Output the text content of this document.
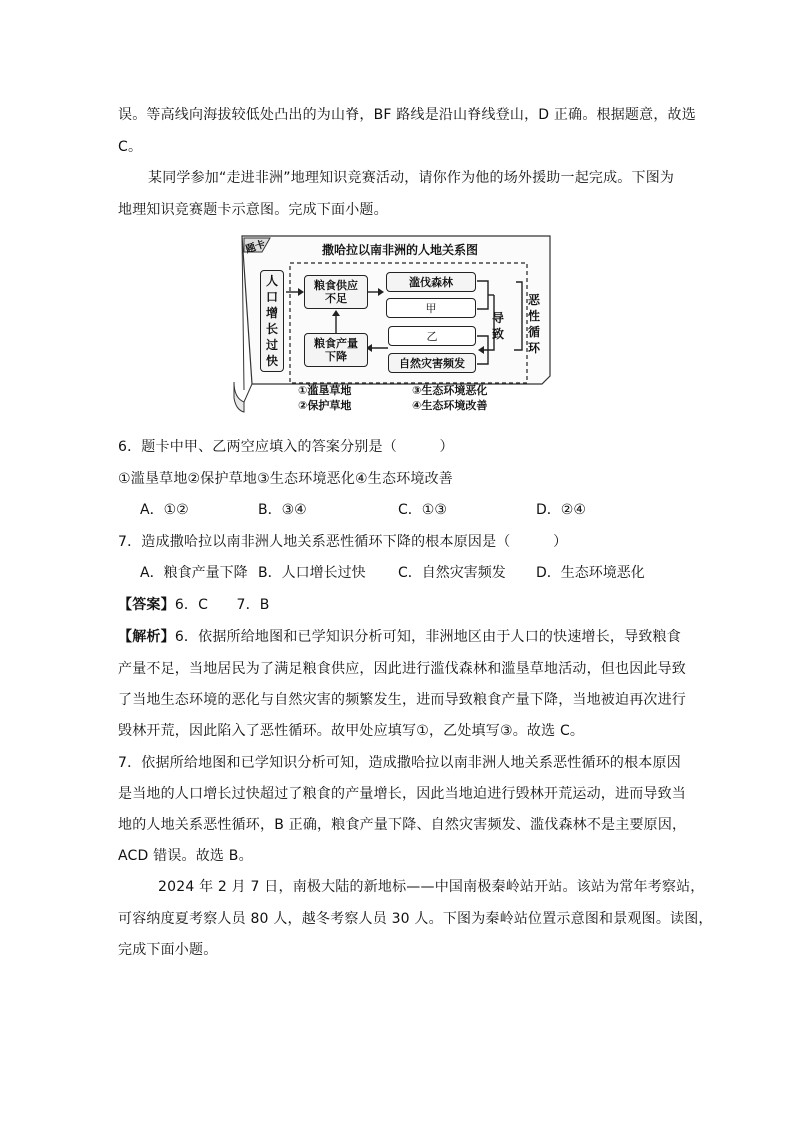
误。等高线向海拔较低处凸出的为山脊，BF 路线是沿山脊线登山，D 正确。根据题意，故选
C。
某同学参加“走进非洲”地理知识竞赛活动，请你作为他的场外援助一起完成。下图为
地理知识竞赛题卡示意图。完成下面小题。
题卡	撒哈拉以南非洲的人地关系图
人口增长过快
粮食供应不足
滥伐森林
甲
乙
自然灾害频发
粮食产量下降
导致
恶性循环
①滥垦草地
②保护草地
③生态环境恶化
④生态环境改善
6．题卡中甲、乙两空应填入的答案分别是（　　　）
①滥垦草地②保护草地③生态环境恶化④生态环境改善
A．①②	B．③④	C．①③	D．②④
7．造成撒哈拉以南非洲人地关系恶性循环下降的根本原因是（　　　）
A．粮食产量下降 B．人口增长过快 C．自然灾害频发 D．生态环境恶化
【答案】6．C　　7．B
【解析】6．依据所给地图和已学知识分析可知，非洲地区由于人口的快速增长，导致粮食
产量不足，当地居民为了满足粮食供应，因此进行滥伐森林和滥垦草地活动，但也因此导致
了当地生态环境的恶化与自然灾害的频繁发生，进而导致粮食产量下降，当地被迫再次进行
毁林开荒，因此陷入了恶性循环。故甲处应填写①，乙处填写③。故选 C。
7．依据所给地图和已学知识分析可知，造成撒哈拉以南非洲人地关系恶性循环的根本原因
是当地的人口增长过快超过了粮食的产量增长，因此当地迫进行毁林开荒运动，进而导致当
地的人地关系恶性循环，B 正确，粮食产量下降、自然灾害频发、滥伐森林不是主要原因，
ACD 错误。故选 B。
2024 年 2 月 7 日，南极大陆的新地标——中国南极秦岭站开站。该站为常年考察站，
可容纳度夏考察人员 80 人，越冬考察人员 30 人。下图为秦岭站位置示意图和景观图。读图，
完成下面小题。
